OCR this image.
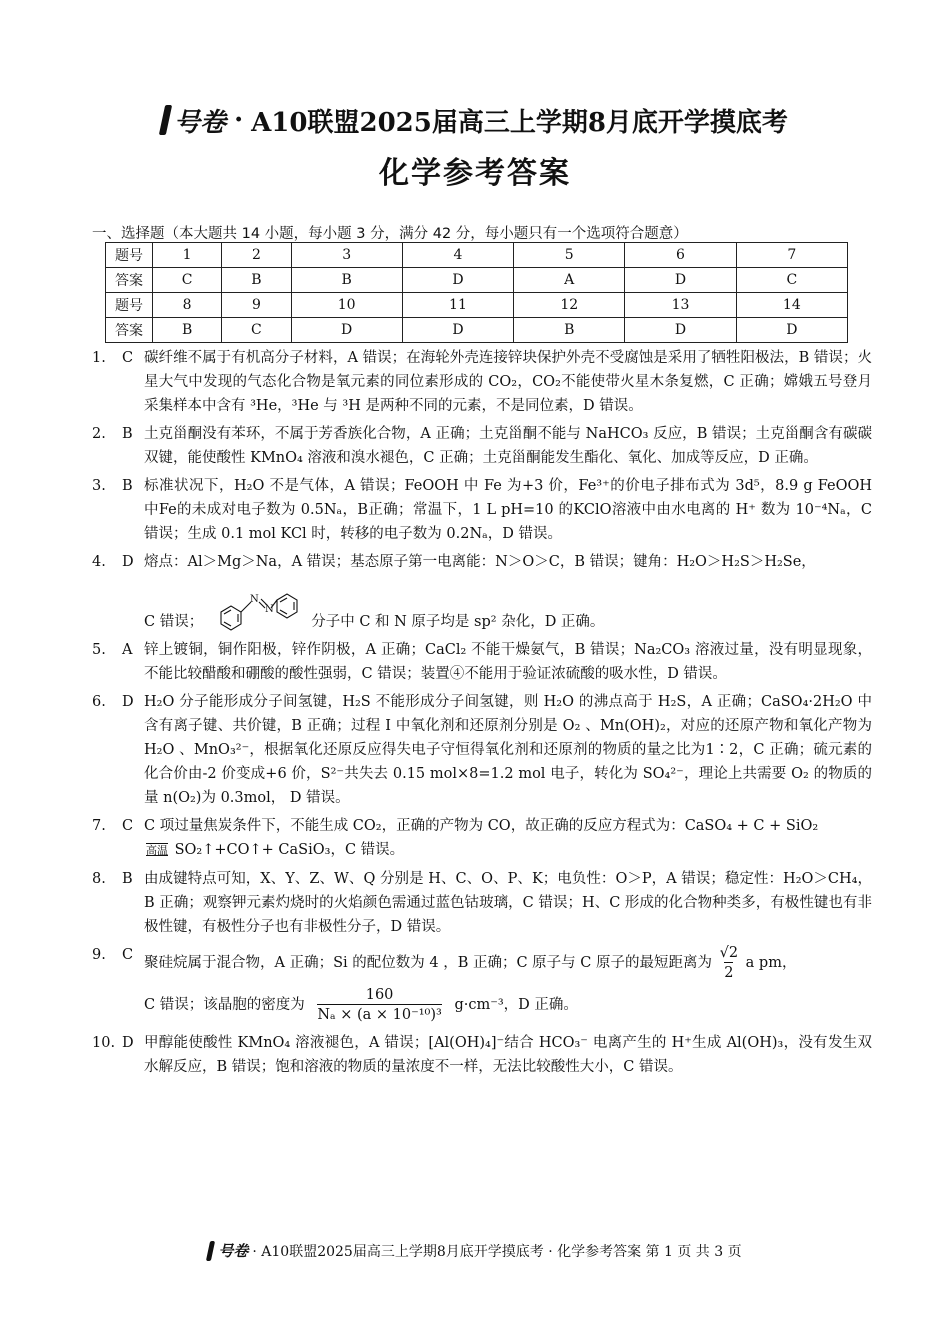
号卷 · A10联盟2025届高三上学期8月底开学摸底考
化学参考答案
一、选择题（本大题共 14 小题，每小题 3 分，满分 42 分，每小题只有一个选项符合题意）
题号	1	2	3	4	5	6	7
答案	C	B	B	D	A	D	C
题号	8	9	10	11	12	13	14
答案	B	C	D	D	B	D	D
1.	C 碳纤维不属于有机高分子材料，A 错误；在海轮外壳连接锌块保护外壳不受腐蚀是采用了牺牲阳极法，B 错误；火星大气中发现的气态化合物是氧元素的同位素形成的 CO₂，CO₂不能使带火星木条复燃，C 正确；嫦娥五号登月采集样本中含有 ³He，³He 与 ³H 是两种不同的元素，不是同位素，D 错误。
2.	B 土克甾酮没有苯环，不属于芳香族化合物，A 正确；土克甾酮不能与 NaHCO₃ 反应，B 错误；土克甾酮含有碳碳双键，能使酸性 KMnO₄ 溶液和溴水褪色，C 正确；土克甾酮能发生酯化、氧化、加成等反应，D 正确。
3.	B 标准状况下，H₂O 不是气体，A 错误；FeOOH 中 Fe 为+3 价，Fe³⁺的价电子排布式为 3d⁵，8.9 g FeOOH 中Fe的未成对电子数为 0.5Nₐ，B正确；常温下，1 L pH=10 的KClO溶液中由水电离的 H⁺ 数为 10⁻⁴Nₐ，C 错误；生成 0.1 mol KCl 时，转移的电子数为 0.2Nₐ，D 错误。
4.	D 熔点：Al＞Mg＞Na，A 错误；基态原子第一电离能：N＞O＞C，B 错误；键角：H₂O＞H₂S＞H₂Se，

C 错误；
N
N
分子中 C 和 N 原子均是 sp² 杂化，D 正确。
5.	A 锌上镀铜，铜作阳极，锌作阴极，A 正确；CaCl₂ 不能干燥氨气，B 错误；Na₂CO₃ 溶液过量，没有明显现象，不能比较醋酸和硼酸的酸性强弱，C 错误；装置④不能用于验证浓硫酸的吸水性，D 错误。
6.	D H₂O 分子能形成分子间氢键，H₂S 不能形成分子间氢键，则 H₂O 的沸点高于 H₂S，A 正确；CaSO₄·2H₂O 中含有离子键、共价键，B 正确；过程 I 中氧化剂和还原剂分别是 O₂ 、Mn(OH)₂，对应的还原产物和氧化产物为 H₂O 、MnO₃²⁻，根据氧化还原反应得失电子守恒得氧化剂和还原剂的物质的量之比为1∶2，C 正确；硫元素的化合价由-2 价变成+6 价，S²⁻共失去 0.15 mol×8=1.2 mol 电子，转化为 SO₄²⁻，理论上共需要 O₂ 的物质的量 n(O₂)为 0.3mol， D 错误。
7.	C C 项过量焦炭条件下，不能生成 CO₂，正确的产物为 CO，故正确的反应方程式为：CaSO₄ + C + SiO₂

高温 SO₂↑+CO↑+ CaSiO₃，C 错误。

8.	B 由成键特点可知，X、Y、Z、W、Q 分别是 H、C、O、P、K；电负性：O＞P，A 错误；稳定性：H₂O＞CH₄，B 正确；观察钾元素灼烧时的火焰颜色需通过蓝色钴玻璃，C 错误；H、C 形成的化合物种类多，有极性键也有非极性键，有极性分子也有非极性分子，D 错误。
9.	C 聚硅烷属于混合物，A 正确；Si 的配位数为 4 ，B 正确；C 原子与 C 原子的最短距离为 $\frac{√2}{2}$ a pm，

C 错误；该晶胞的密度为 $\frac{160}{\text{Nₐ × (a × 10⁻¹⁰)³}} g\cdot cm^{-3}$，D 正确。

10. D 甲醇能使酸性 KMnO₄ 溶液褪色，A 错误；[Al(OH)₄]⁻结合 HCO₃⁻ 电离产生的 H⁺生成 Al(OH)₃，没有发生双水解反应，B 错误；饱和溶液的物质的量浓度不一样，无法比较酸性大小，C 错误。
号卷 · A10联盟2025届高三上学期8月底开学摸底考 · 化学参考答案 第 1 页 共 3 页
